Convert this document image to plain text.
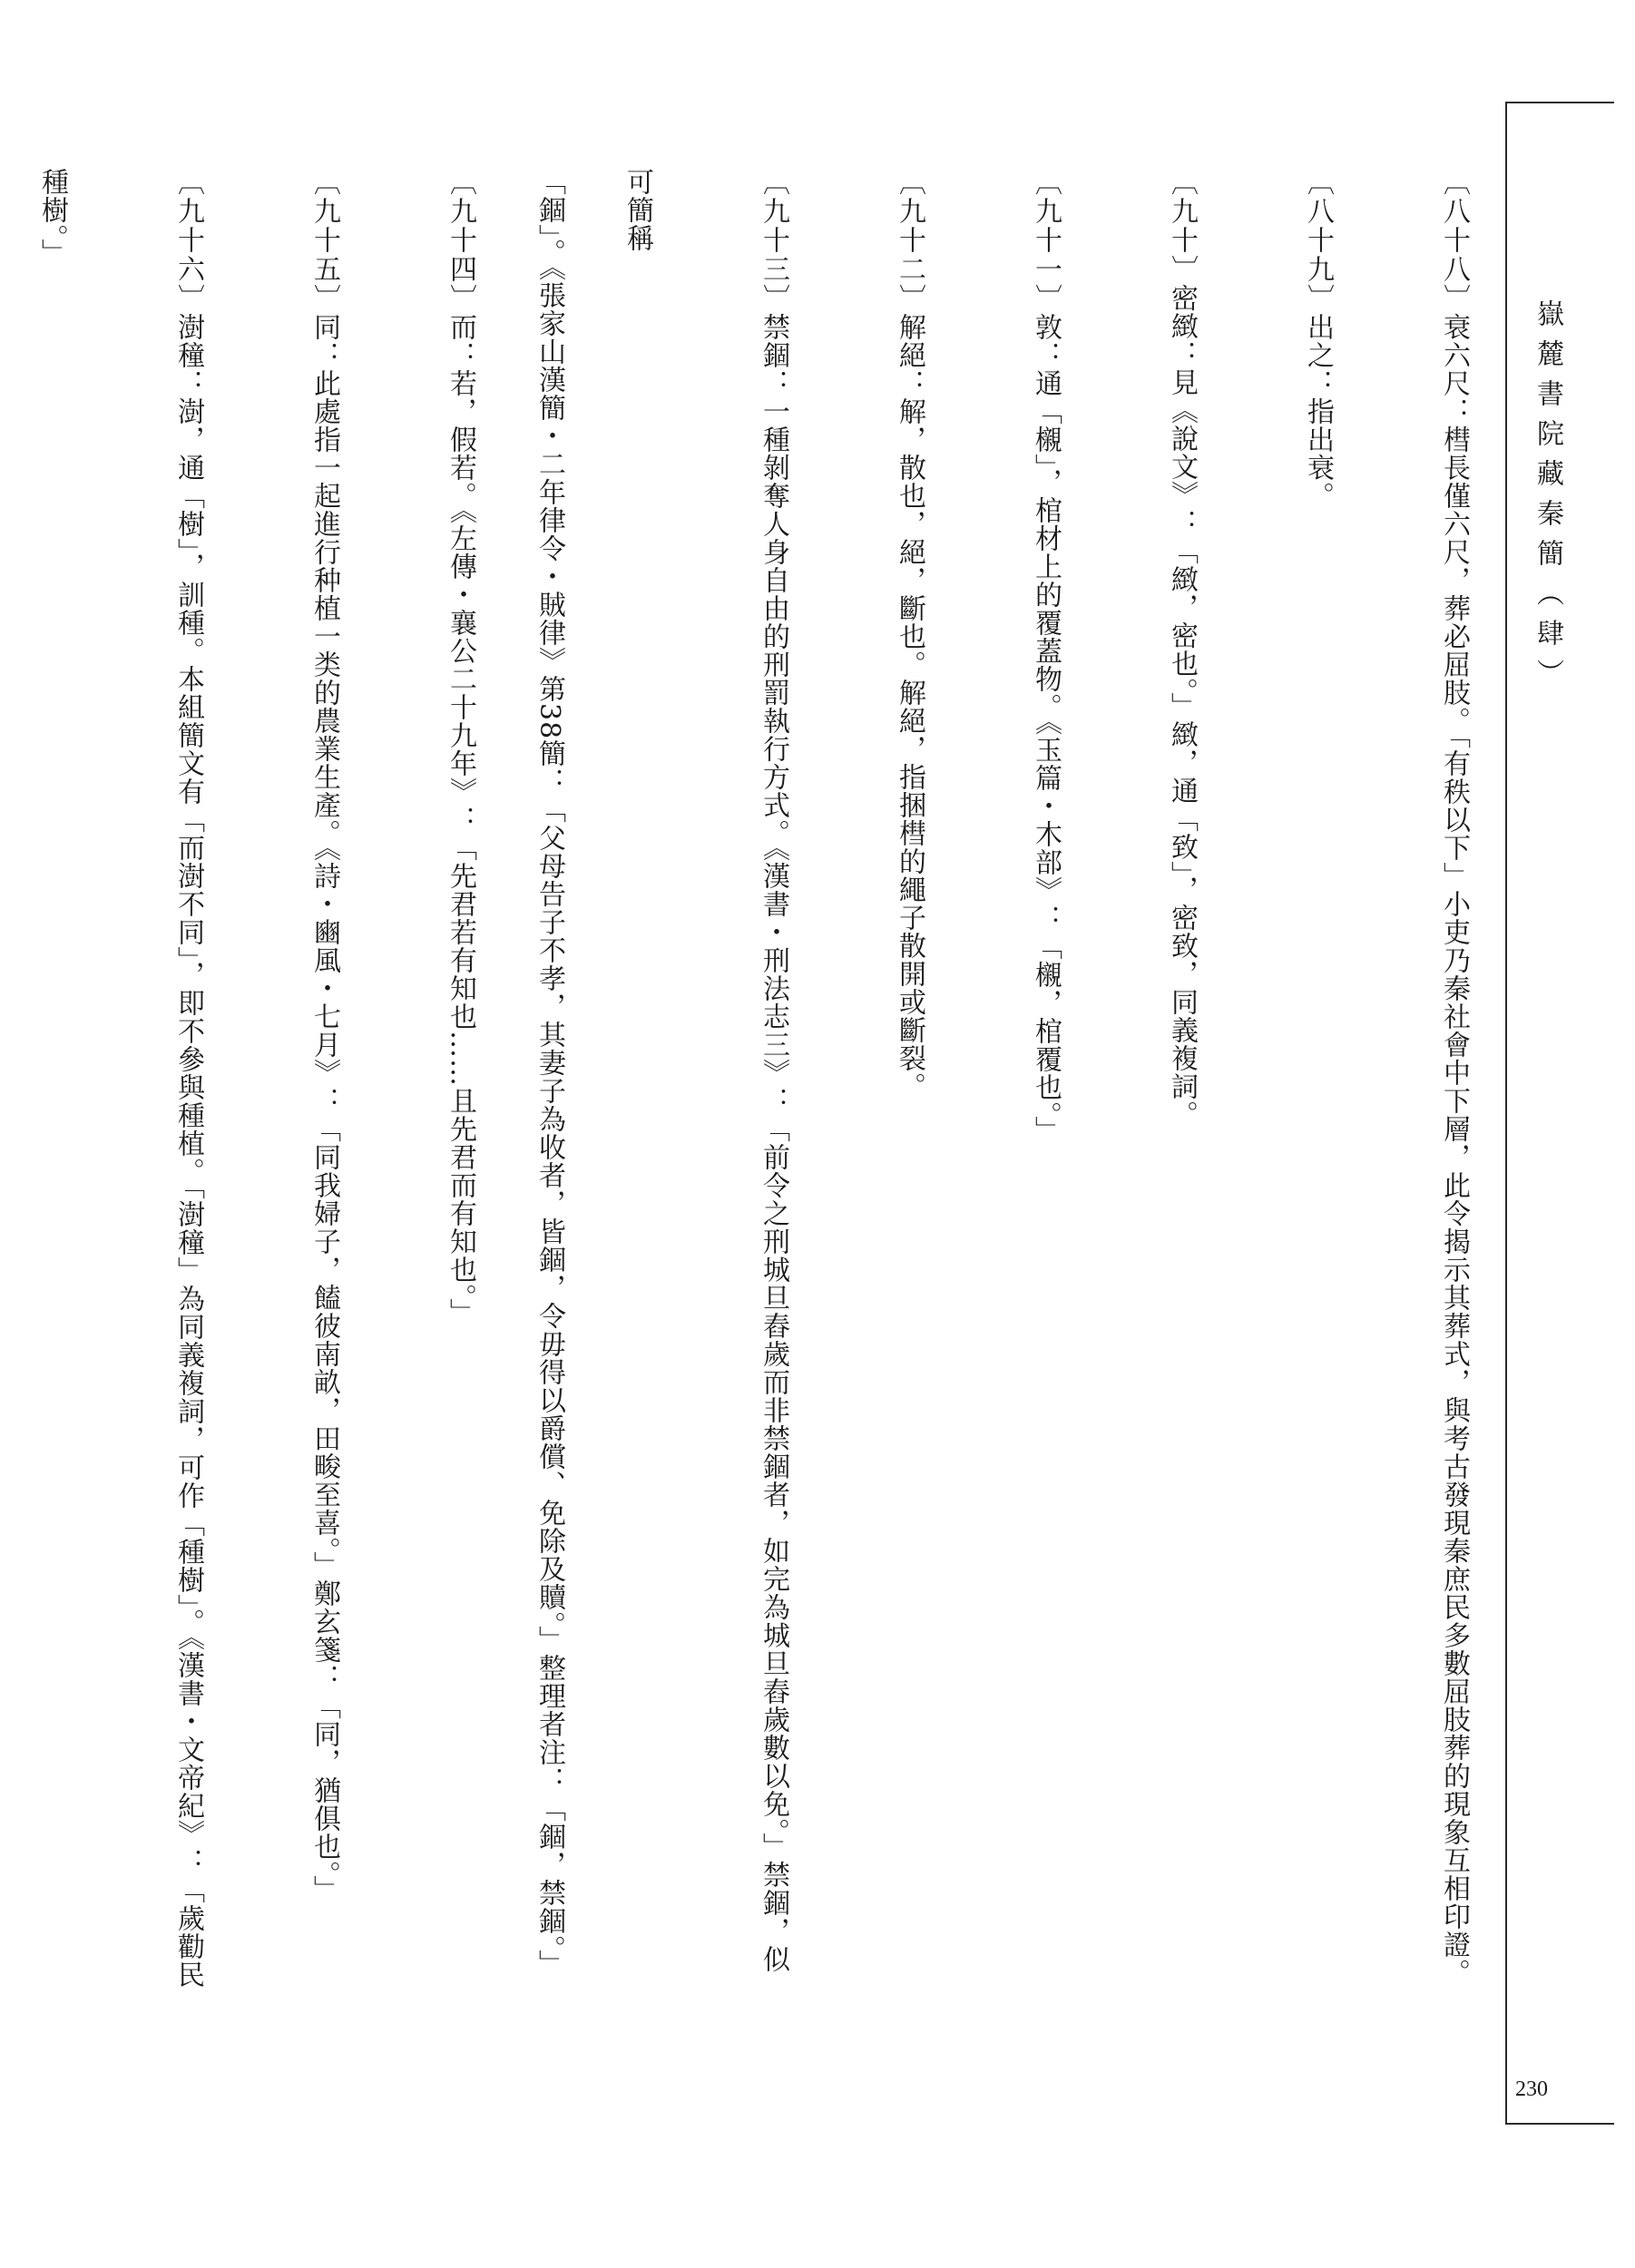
嶽麓書院藏秦簡（肆）
230

〔八十八〕衰六尺：槥長僅六尺，葬必屈肢。「有秩以下」小吏乃秦社會中下層，此令揭示其葬式，與考古發現秦庶民多數屈肢葬的現象互相印證。

〔八十九〕出之：指出衰。

〔九十〕密緻：見《說文》：「緻，密也。」緻，通「致」，密致，同義複詞。

〔九十一〕敦：通「櫬」，棺材上的覆蓋物。《玉篇・木部》：「櫬，棺覆也。」

〔九十二〕解絕：解，散也，絕，斷也。解絕，指捆槥的繩子散開或斷裂。

〔九十三〕禁錮：一種剝奪人身自由的刑罰執行方式。《漢書・刑法志三》：「前令之刑城旦舂歲而非禁錮者，如完為城旦舂歲數以免。」禁錮，似可簡稱

「錮」。《張家山漢簡・二年律令・賊律》第38簡：「父母告子不孝，其妻子為收者，皆錮，令毋得以爵償、免除及贖。」整理者注：「錮，禁錮。」

〔九十四〕而：若，假若。《左傳・襄公二十九年》：「先君若有知也……且先君而有知也。」

〔九十五〕同：此處指一起進行种植一类的農業生產。《詩・豳風・七月》：「同我婦子，饁彼南畝，田畯至喜。」鄭玄箋：「同，猶俱也。」

〔九十六〕澍穜：澍，通「樹」，訓種。本組簡文有「而澍不同」，即不參與種植。「澍穜」為同義複詞，可作「種樹」。《漢書・文帝紀》：「歲勸民種樹。」
